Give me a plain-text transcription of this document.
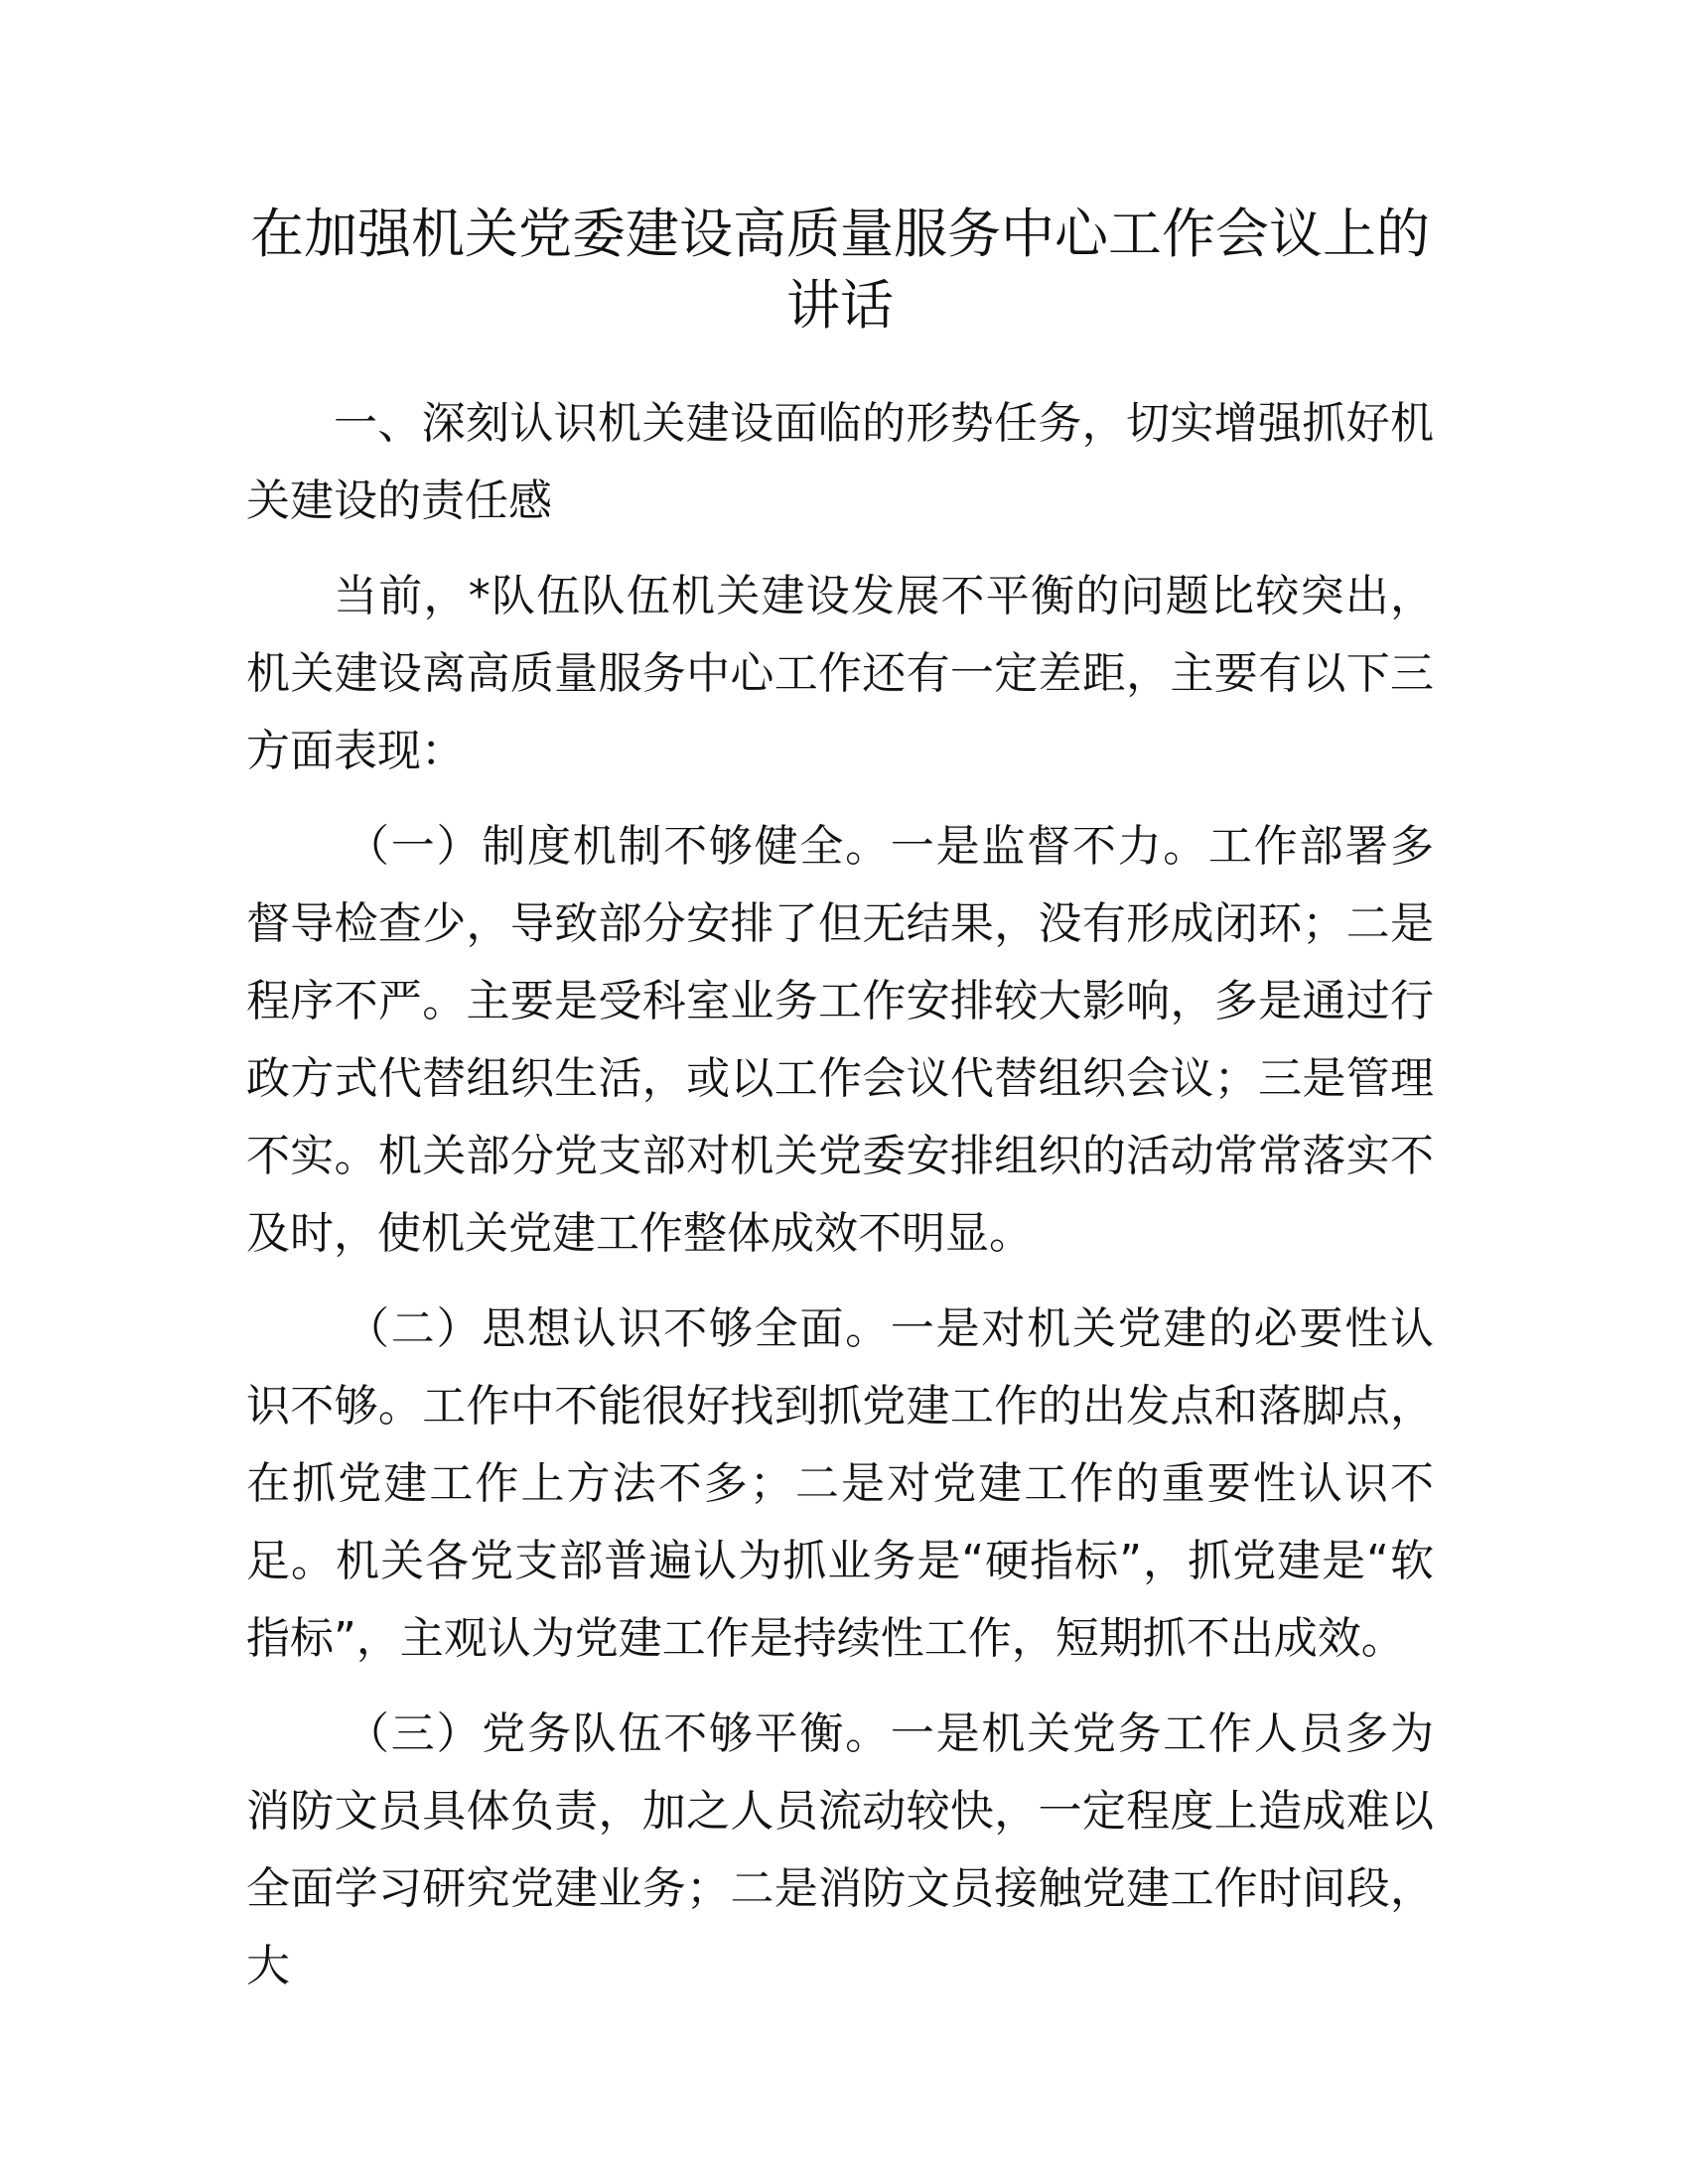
在加强机关党委建设高质量服务中心工作会议上的讲话

一、深刻认识机关建设面临的形势任务，切实增强抓好机关建设的责任感

当前，*队伍队伍机关建设发展不平衡的问题比较突出，机关建设离高质量服务中心工作还有一定差距，主要有以下三方面表现：

（一）制度机制不够健全。一是监督不力。工作部署多督导检查少，导致部分安排了但无结果，没有形成闭环；二是程序不严。主要是受科室业务工作安排较大影响，多是通过行政方式代替组织生活，或以工作会议代替组织会议；三是管理不实。机关部分党支部对机关党委安排组织的活动常常落实不及时，使机关党建工作整体成效不明显。

（二）思想认识不够全面。一是对机关党建的必要性认识不够。工作中不能很好找到抓党建工作的出发点和落脚点，在抓党建工作上方法不多；二是对党建工作的重要性认识不足。机关各党支部普遍认为抓业务是“硬指标”，抓党建是“软指标”，主观认为党建工作是持续性工作，短期抓不出成效。

（三）党务队伍不够平衡。一是机关党务工作人员多为消防文员具体负责，加之人员流动较快，一定程度上造成难以全面学习研究党建业务；二是消防文员接触党建工作时间段，大
